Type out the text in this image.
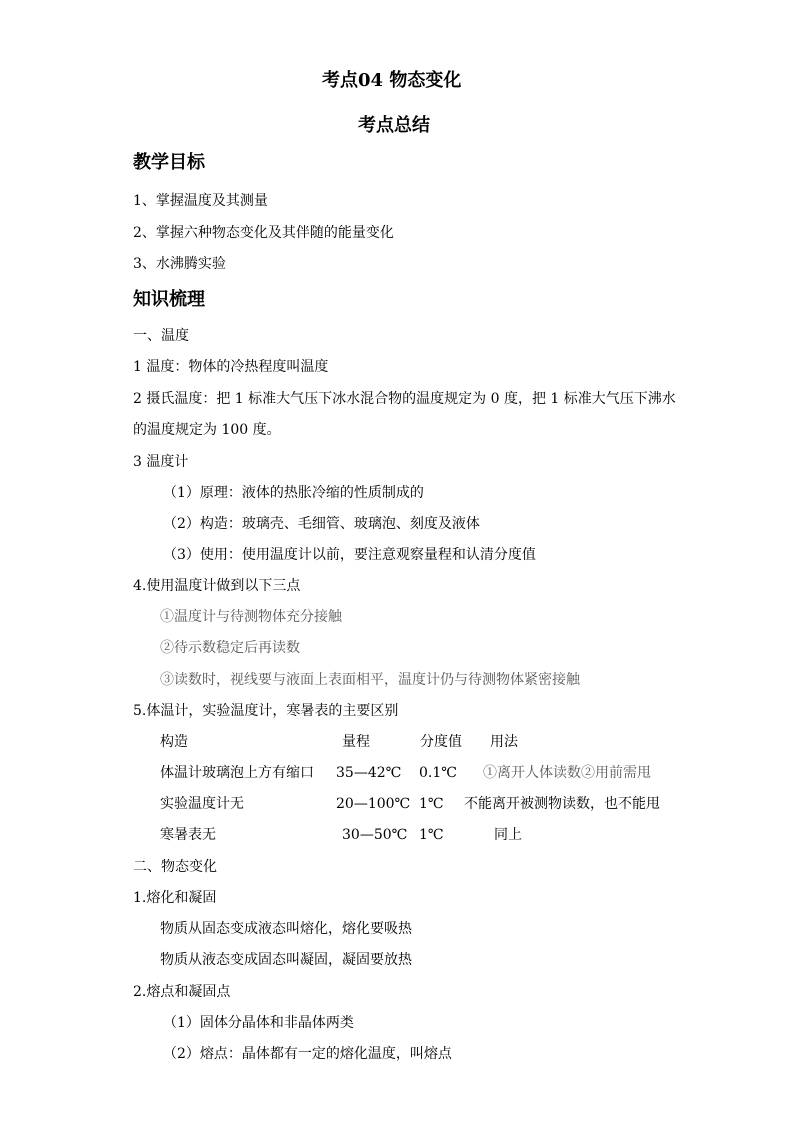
考点04 物态变化
考点总结
教学目标
1、掌握温度及其测量
2、掌握六种物态变化及其伴随的能量变化
3、水沸腾实验
知识梳理
一、温度
1 温度：物体的冷热程度叫温度
2 摄氏温度：把 1 标准大气压下冰水混合物的温度规定为 0 度，把 1 标准大气压下沸水
的温度规定为 100 度。
3 温度计
（1）原理：液体的热胀冷缩的性质制成的
（2）构造：玻璃壳、毛细管、玻璃泡、刻度及液体
（3）使用：使用温度计以前，要注意观察量程和认清分度值
4.使用温度计做到以下三点
①温度计与待测物体充分接触
②待示数稳定后再读数
③读数时，视线要与液面上表面相平，温度计仍与待测物体紧密接触
5.体温计，实验温度计，寒暑表的主要区别
构造	量程	分度值 用法
体温计玻璃泡上方有缩口 35—42℃ 0.1℃ ①离开人体读数②用前需甩
实验温度计无	20—100℃ 1℃ 不能离开被测物读数，也不能甩
寒暑表无	30—50℃ 1℃	同上
二、物态变化
1.熔化和凝固
物质从固态变成液态叫熔化，熔化要吸热
物质从液态变成固态叫凝固，凝固要放热
2.熔点和凝固点
（1）固体分晶体和非晶体两类
（2）熔点：晶体都有一定的熔化温度，叫熔点
